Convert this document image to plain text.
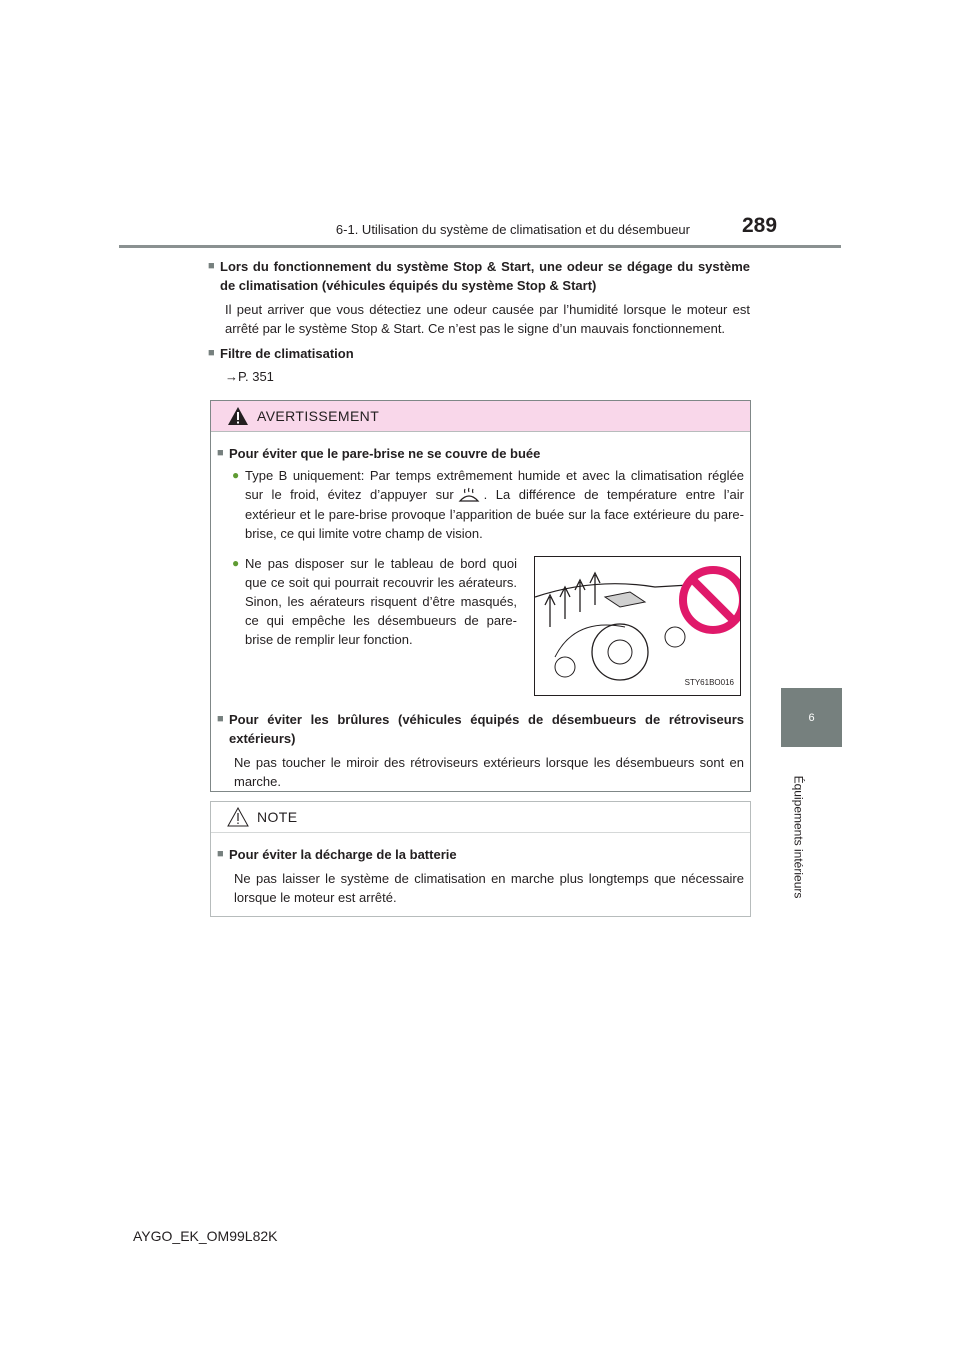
6-1. Utilisation du système de climatisation et du désembueur 289
6
Équipements intérieurs
■ Lors du fonctionnement du système Stop & Start, une odeur se dégage du système de climatisation (véhicules équipés du système Stop & Start)
Il peut arriver que vous détectiez une odeur causée par l’humidité lorsque le moteur est arrêté par le système Stop & Start. Ce n’est pas le signe d’un mauvais fonctionnement.
■ Filtre de climatisation
→P. 351
AVERTISSEMENT
■ Pour éviter que le pare-brise ne se couvre de buée
● Type B uniquement: Par temps extrêmement humide et avec la climatisation réglée sur le froid, évitez d’appuyer sur . La différence de température entre l’air extérieur et le pare-brise provoque l’apparition de buée sur la face extérieure du pare-brise, ce qui limite votre champ de vision.
● Ne pas disposer sur le tableau de bord quoi que ce soit qui pourrait recouvrir les aérateurs. Sinon, les aérateurs risquent d’être masqués, ce qui empêche les désembueurs de pare-brise de remplir leur fonction.
STY61BO016
■ Pour éviter les brûlures (véhicules équipés de désembueurs de rétroviseurs extérieurs)
Ne pas toucher le miroir des rétroviseurs extérieurs lorsque les désembueurs sont en marche.
NOTE
■ Pour éviter la décharge de la batterie
Ne pas laisser le système de climatisation en marche plus longtemps que nécessaire lorsque le moteur est arrêté.
AYGO_EK_OM99L82K
